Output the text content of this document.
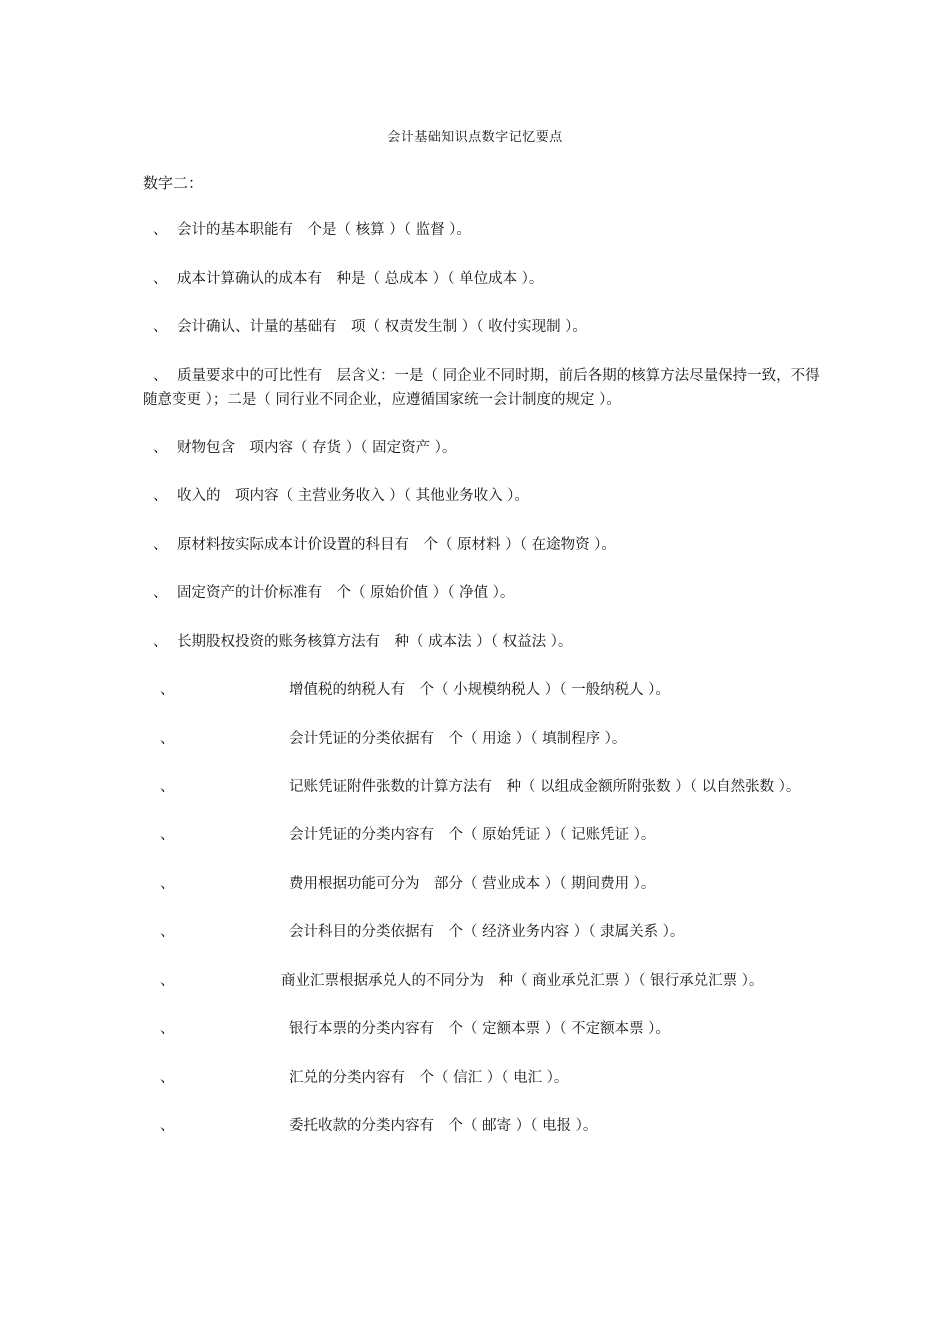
会计基础知识点数字记忆要点
数字二：
、 会计的基本职能有　个是（ 核算 ）（ 监督 ）。
、 成本计算确认的成本有　种是（ 总成本 ）（ 单位成本 ）。
、 会计确认、计量的基础有　项（ 权责发生制 ）（ 收付实现制 ）。
、 质量要求中的可比性有　层含义：一是（ 同企业不同时期，前后各期的核算方法尽量保持一致，不得随意变更 ）；二是（ 同行业不同企业，应遵循国家统一会计制度的规定 ）。
、 财物包含　项内容（ 存货 ）（ 固定资产 ）。
、 收入的　项内容（ 主营业务收入 ）（ 其他业务收入 ）。
、 原材料按实际成本计价设置的科目有　个（ 原材料 ）（ 在途物资 ）。
、 固定资产的计价标准有　个（ 原始价值 ）（ 净值 ）。
、 长期股权投资的账务核算方法有　种（ 成本法 ）（ 权益法 ）。
、	增值税的纳税人有　个（ 小规模纳税人 ）（ 一般纳税人 ）。
、	会计凭证的分类依据有　个（ 用途 ）（ 填制程序 ）。
、	记账凭证附件张数的计算方法有　种（ 以组成金额所附张数 ）（ 以自然张数 ）。
、	会计凭证的分类内容有　个（ 原始凭证 ）（ 记账凭证 ）。
、	费用根据功能可分为　部分（ 营业成本 ）（ 期间费用 ）。
、	会计科目的分类依据有　个（ 经济业务内容 ）（ 隶属关系 ）。
、	商业汇票根据承兑人的不同分为　种（ 商业承兑汇票 ）（ 银行承兑汇票 ）。
、	银行本票的分类内容有　个（ 定额本票 ）（ 不定额本票 ）。
、	汇兑的分类内容有　个（ 信汇 ）（ 电汇 ）。
、	委托收款的分类内容有　个（ 邮寄 ）（ 电报 ）。
